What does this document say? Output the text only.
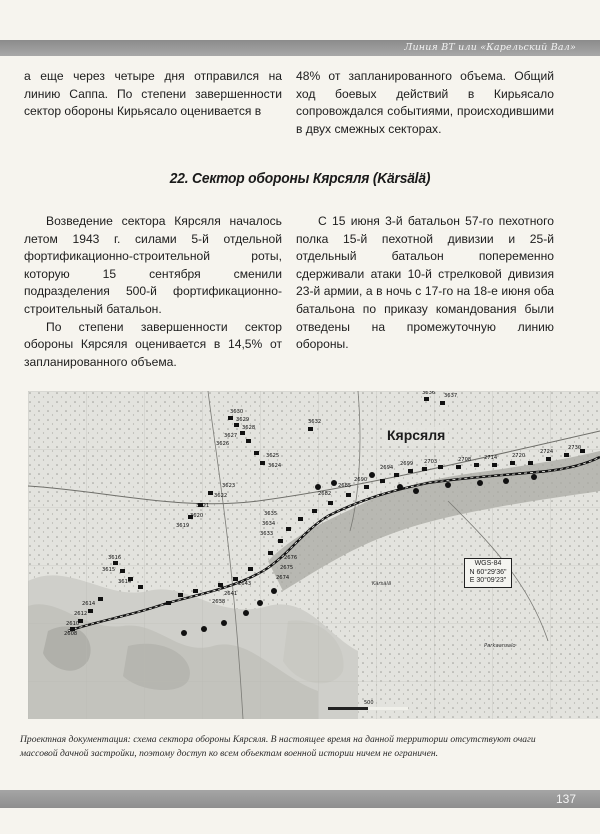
Линия ВТ или «Карельский Вал»

а еще через четыре дня отправился на линию Саппа. По степени завершенности сектор обороны Кирьясало оценивается в

48% от запланированного объема. Общий ход боевых действий в Кирьясало сопровождался событиями, происходившими в двух смежных секторах.

22. Сектор обороны Кярсяля (Kärsälä)

Возведение сектора Кярсяля началось летом 1943 г. силами 5-й отдельной фортификационно-строительной роты, которую 15 сентября сменили подразделения 500-й фортификационно-строительный батальон.

По степени завершенности сектор обороны Кярсяля оценивается в 14,5% от запланированного объема.

С 15 июня 3-й батальон 57-го пехотного полка 15-й пехотной дивизии и 25-й отдельный батальон попеременно сдерживали атаки 10-й стрелковой дивизия 23-й армии, а в ночь с 17-го на 18-е июня оба батальона по приказу командования были отведены на промежуточную линию обороны.

3630
3629
3628
3627
3626
3625
3624
3623
3622
3621
3620
3619
3616
3615
3614
2614
2612
2610
2608
3632
3636 3637
3635
3634
3633
2676
2675
2674
2643
2641
2638
2682
2685
2690
2694
2699 2703	2708 2714	2720
2724
2730
Kärsälä
Parkaansalo
500
Кярсяля
WGS-84
N 60°29'36"
E 30°09'23"
Проектная документация: схема сектора обороны Кярсяля. В настоящее время на данной территории отсутствуют очаги массовой дачной застройки, поэтому доступ ко всем объектам военной истории ничем не ограничен.
137
